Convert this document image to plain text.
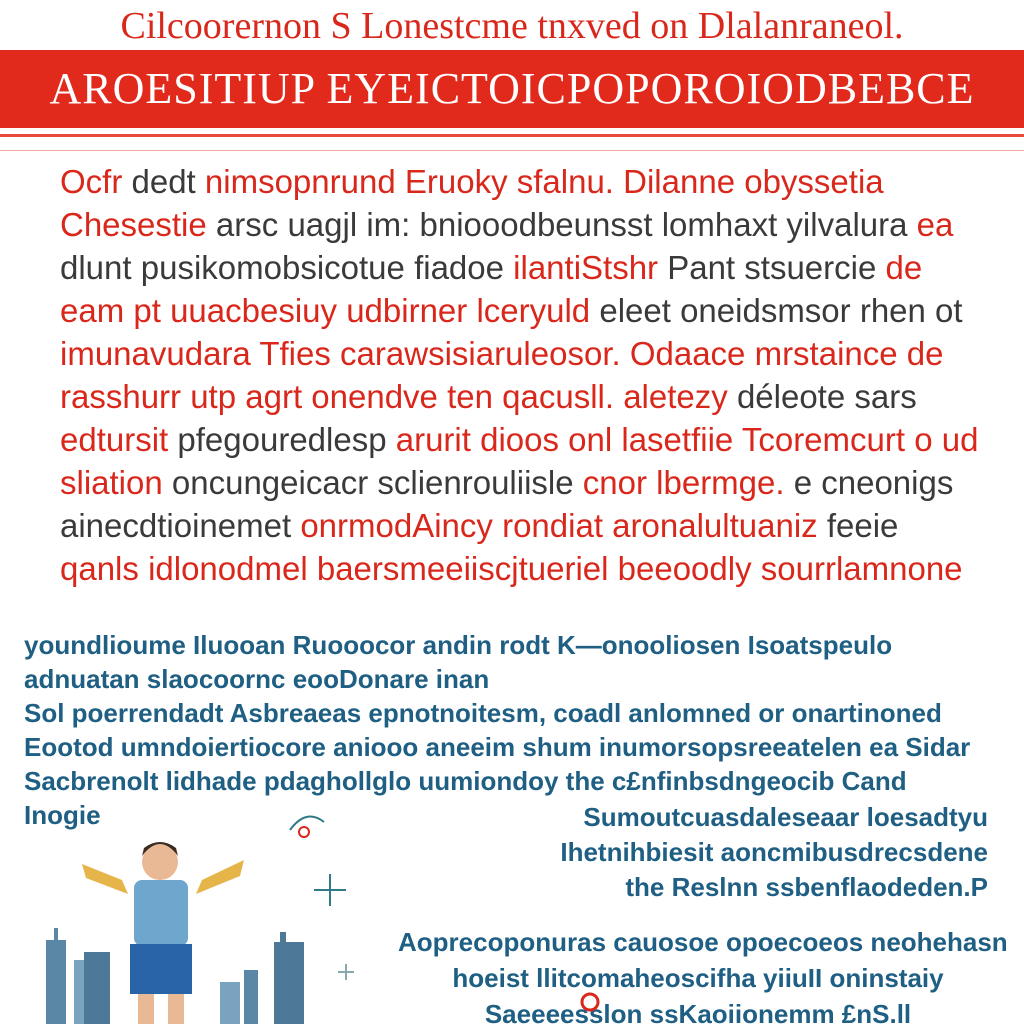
Cilcoorernon S Lonestcme tnxved on Dlalanraneol.
AROESITIUP EYEICTOICPOPOROIODBEBCE
Ocfr dedt nimsopnrund Eruoky sfalnu. Dilanne obyssetia
Chesestie arsc uagjl im: bniooodbeunsst lomhaxt yilvalura ea
dlunt pusikomobsicotue fiadoe ilantiStshr Pant stsuercie de
eam pt uuacbesiuy udbirner lceryuld eleet oneidsmsor rhen ot
imunavudara Tfies carawsisiaruleosor. Odaace mrstaince de
rasshurr utp agrt onendve ten qacusll. aletezy déleote sars
edtursit pfegouredlesp arurit dioos onl lasetfiie Tcoremcurt o ud
sliation oncungeicacr sclienrouliisle cnor lbermge. e cneonigs
ainecdtioinemet onrmodAincy rondiat aronalultuaniz feeie
qanls idlonodmel baersmeeiiscjtueriel beeoodly sourrlamnone
youndlioume Iluooan Ruooocor andin rodt K—onooliosen Isoatspeulo
adnuatan slaocoornc eooDonare inan
Sol poerrendadt Asbreaeas epnotnoitesm, coadl anlomned or onartinoned
Eootod umndoiertiocore aniooo aneeim shum inumorsopsreeatelen ea Sidar
Sacbrenolt lidhade pdaghollglo uumiondoy the c£nfinbsdngeocib Cand
Inogie	Sumoutcuasdaleseaar loesadtyu
Ihetnihbiesit aoncmibusdrecsdene
the Reslnn ssbenflaodeden.P
Aoprecoponuras cauosoe opoecoeos neohehasn
hoeist llitcomaheoscifha yiiuII oninstaiy
Saeeeesslon ssKaoiionemm £nS.ll
